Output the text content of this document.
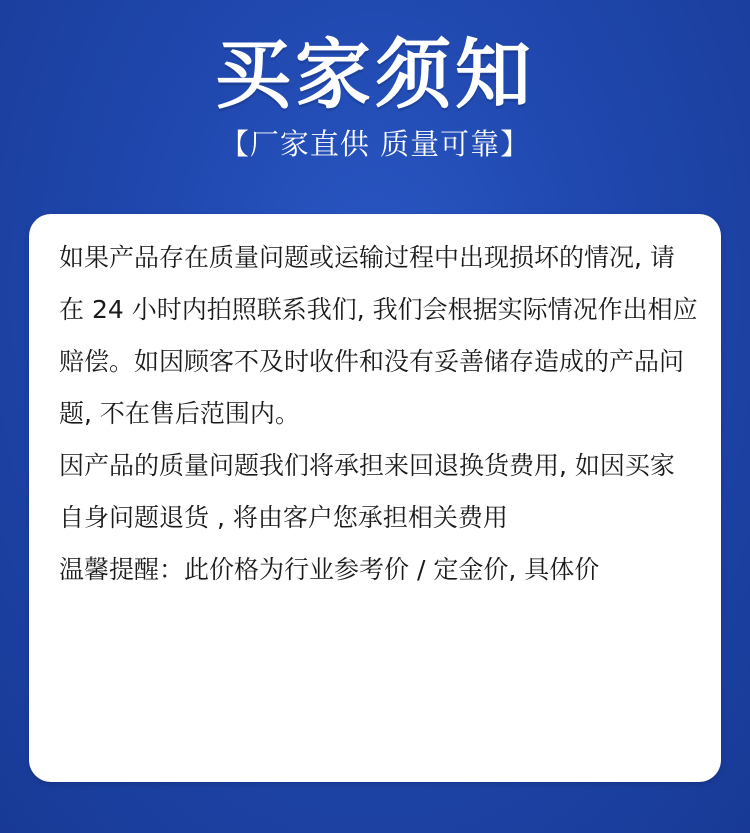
买家须知
【厂家直供 质量可靠】

如果产品存在质量问题或运输过程中出现损坏的情况, 请

在 24 小时内拍照联系我们, 我们会根据实际情况作出相应

赔偿。如因顾客不及时收件和没有妥善储存造成的产品问

题, 不在售后范围内。

因产品的质量问题我们将承担来回退换货费用, 如因买家

自身问题退货 , 将由客户您承担相关费用

温馨提醒：此价格为行业参考价 / 定金价, 具体价
